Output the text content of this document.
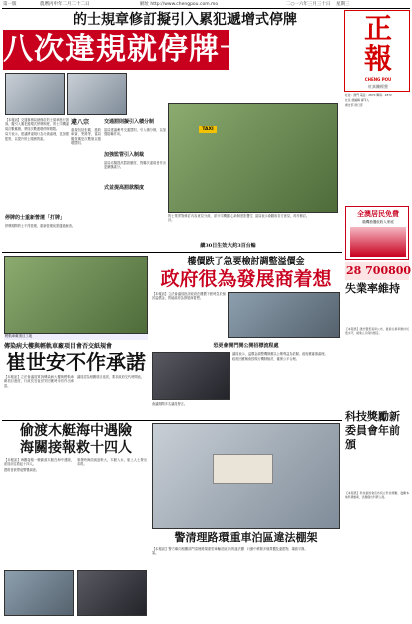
第一版	農曆丙申年二月二十二日	網址 http://www.chengpou.com.mo	二○一六年三月三十日 星期三
的士規章修訂擬引入累犯遞增式停牌
八次違規就停牌一周
TAXI

【本報訊】交通事務局就修訂的士規章進行諮詢，擬引入累犯遞增式停牌制度，的士司機違規次數累積，將按次數遞增停牌期限。

局方表示，建議將違規行為分級處理，並加強監察，以提升的士服務質素。

違八宗

違規包括拒載、濫收車資、兜路等，當局擬按累犯次數施以遞增罰則。

交通罰則擬引入積分制

當局建議參考交通罰則，引入積分制，以加強阻嚇作用。

加強監管引入制裁

當局亦擬提高罰款額度，對屢次違規者作出更嚴厲處分。

式並提高罰款額度
停牌的士重新營運「打牌」	的士業界對修訂內容意見分歧，部分司機擔心新制度影響生計。

當局表示會聽取各方意見，再作修訂。

續30日生效大約3百台輪

停牌期間的士不得營運，重新營運前需通過檢查。

輕軌車廠項目工地
傳染病大樓與輕軌車廠項目會否交紙規會
崔世安不作承諾

【本報訊】立法會議員質詢傳染病大樓與輕軌車廠項目進度，行政長官崔世安回應時未有作出承諾。

議員認為相關項目延誤，要求政府交代時間表。

樓價跌了急要檢討調整溢價金
政府很為發展商着想

【本報訊】立法會議員批評政府在樓價下跌時急於檢討溢價金，質疑政府為發展商着想。

恐更會開門開公開招標流程處

議員表示，溢價金調整機制應以公眾利益為依歸，政府應審慎處理。

政府回應稱會按現行機制檢討，確保公平合理。

會議期間多名議員發言。

偷渡木艇海中遇險
海關接報救十四人

【本報訊】海關接報一艘偷渡木艇在海中遇險，派員前往救起十四人。

獲救者被帶返警署調查。

事發時海面風浪較大，木艇入水，船上人士發出求救。

警清理路環重車泊區違法棚架

【本報訊】警方聯同相關部門清理路環重型車輛泊區內的違法棚架。

行動中移除多個貨櫃及違建物，場面平靜。

正
報
CHENG POU
紅真陳經營

社址：澳門 電話：2870 傳真：2872

社長 總編輯 督印人

廣告部 發行部

全澳居民免費
隨機抽選低收入家庭
28 700800
失業率維持

【本報訊】統計暨普查局公布，最新失業率維持於低水平，就業人口保持穩定。

科技獎勵新委員會年前頒

【本報訊】科技委員會宣布設立科技獎勵，鼓勵本地科研創新，表揚傑出科研人員。
